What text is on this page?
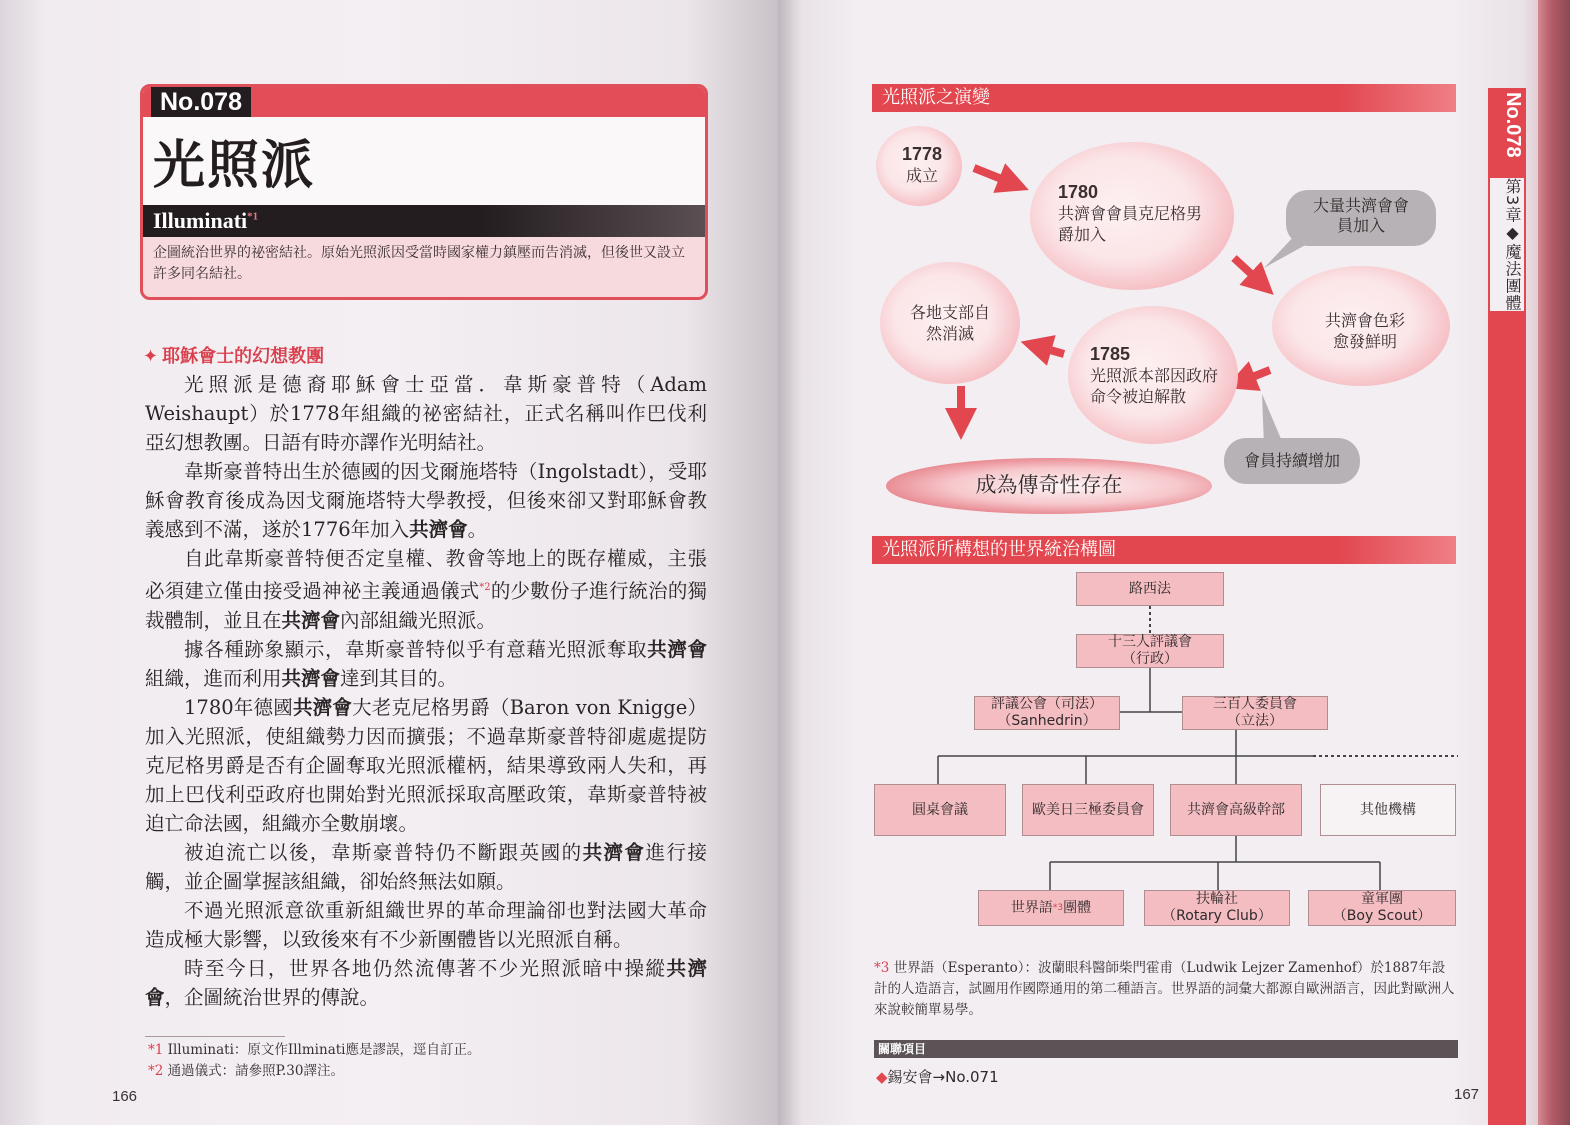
No.078
光照派
Illuminati$^{*1}$
企圖統治世界的祕密結社。原始光照派因受當時國家權力鎮壓而告消滅，但後世又設立許多同名結社。
✦ 耶穌會士的幻想教團

光照派是德裔耶穌會士亞當．韋斯豪普特（Adam Weishaupt）於1778年組織的祕密結社，正式名稱叫作巴伐利亞幻想教團。日語有時亦譯作光明結社。

韋斯豪普特出生於德國的因戈爾施塔特（Ingolstadt），受耶穌會教育後成為因戈爾施塔特大學教授，但後來卻又對耶穌會教義感到不滿，遂於1776年加入共濟會。

自此韋斯豪普特便否定皇權、教會等地上的既存權威，主張必須建立僅由接受過神祕主義通過儀式$^{*2}$的少數份子進行統治的獨裁體制，並且在共濟會內部組織光照派。

據各種跡象顯示，韋斯豪普特似乎有意藉光照派奪取共濟會組織，進而利用共濟會達到其目的。

1780年德國共濟會大老克尼格男爵（Baron von Knigge）加入光照派，使組織勢力因而擴張；不過韋斯豪普特卻處處提防克尼格男爵是否有企圖奪取光照派權柄，結果導致兩人失和，再加上巴伐利亞政府也開始對光照派採取高壓政策，韋斯豪普特被迫亡命法國，組織亦全數崩壞。

被迫流亡以後，韋斯豪普特仍不斷跟英國的共濟會進行接觸，並企圖掌握該組織，卻始終無法如願。

不過光照派意欲重新組織世界的革命理論卻也對法國大革命造成極大影響，以致後來有不少新團體皆以光照派自稱。

時至今日，世界各地仍然流傳著不少光照派暗中操縱共濟會，企圖統治世界的傳說。

*1 Illuminati：原文作Illminati應是謬誤，逕自訂正。
*2 通過儀式：請參照P.30譯注。
166
光照派之演變
1778
成立
1780
共濟會會員克尼格男爵加入
大量共濟會會員加入
共濟會色彩愈發鮮明
各地支部自然消滅
1785
光照派本部因政府命令被迫解散
會員持續增加
成為傳奇性存在
光照派所構想的世界統治構圖
路西法
十三人評議會
（行政）
評議公會（司法）
（Sanhedrin）
三百人委員會
（立法）
圓桌會議	歐美日三極委員會	共濟會高級幹部	其他機構
世界語 *3 團體
扶輪社
（Rotary Club）
童軍團
（Boy Scout）
*3 世界語（Esperanto）：波蘭眼科醫師柴門霍甫（Ludwik Lejzer Zamenhof）於1887年設計的人造語言，試圖用作國際通用的第二種語言。世界語的詞彙大都源自歐洲語言，因此對歐洲人來說較簡單易學。
關聯項目
◆錫安會→No.071
167
No.078
第3章◆魔法團體
